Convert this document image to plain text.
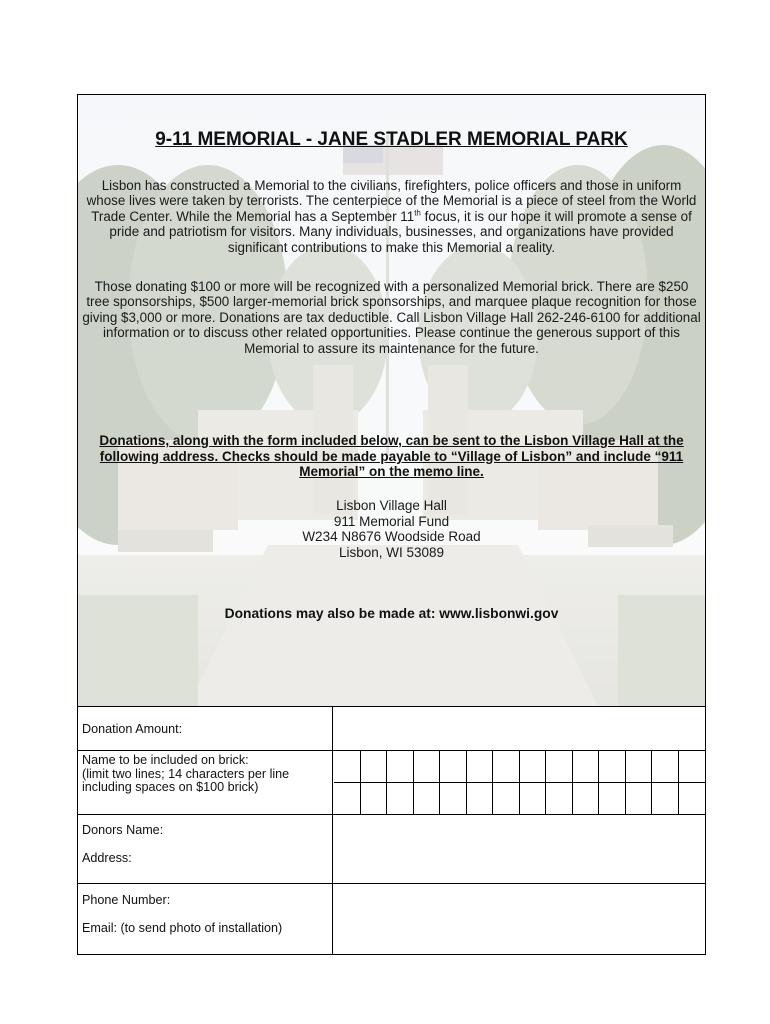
9-11 MEMORIAL - JANE STADLER MEMORIAL PARK
Lisbon has constructed a Memorial to the civilians, firefighters, police officers and those in uniform whose lives were taken by terrorists. The centerpiece of the Memorial is a piece of steel from the World Trade Center. While the Memorial has a September 11th focus, it is our hope it will promote a sense of pride and patriotism for visitors. Many individuals, businesses, and organizations have provided significant contributions to make this Memorial a reality.
Those donating $100 or more will be recognized with a personalized Memorial brick. There are $250 tree sponsorships, $500 larger-memorial brick sponsorships, and marquee plaque recognition for those giving $3,000 or more. Donations are tax deductible. Call Lisbon Village Hall 262-246-6100 for additional information or to discuss other related opportunities. Please continue the generous support of this Memorial to assure its maintenance for the future.
Donations, along with the form included below, can be sent to the Lisbon Village Hall at the following address. Checks should be made payable to “Village of Lisbon” and include “911 Memorial” on the memo line.
Lisbon Village Hall
911 Memorial Fund
W234 N8676 Woodside Road
Lisbon, WI 53089
Donations may also be made at: www.lisbonwi.gov
Donation Amount:
Name to be included on brick:
(limit two lines; 14 characters per line
including spaces on $100 brick)
Donors Name:
Address:
Phone Number:
Email: (to send photo of installation)
